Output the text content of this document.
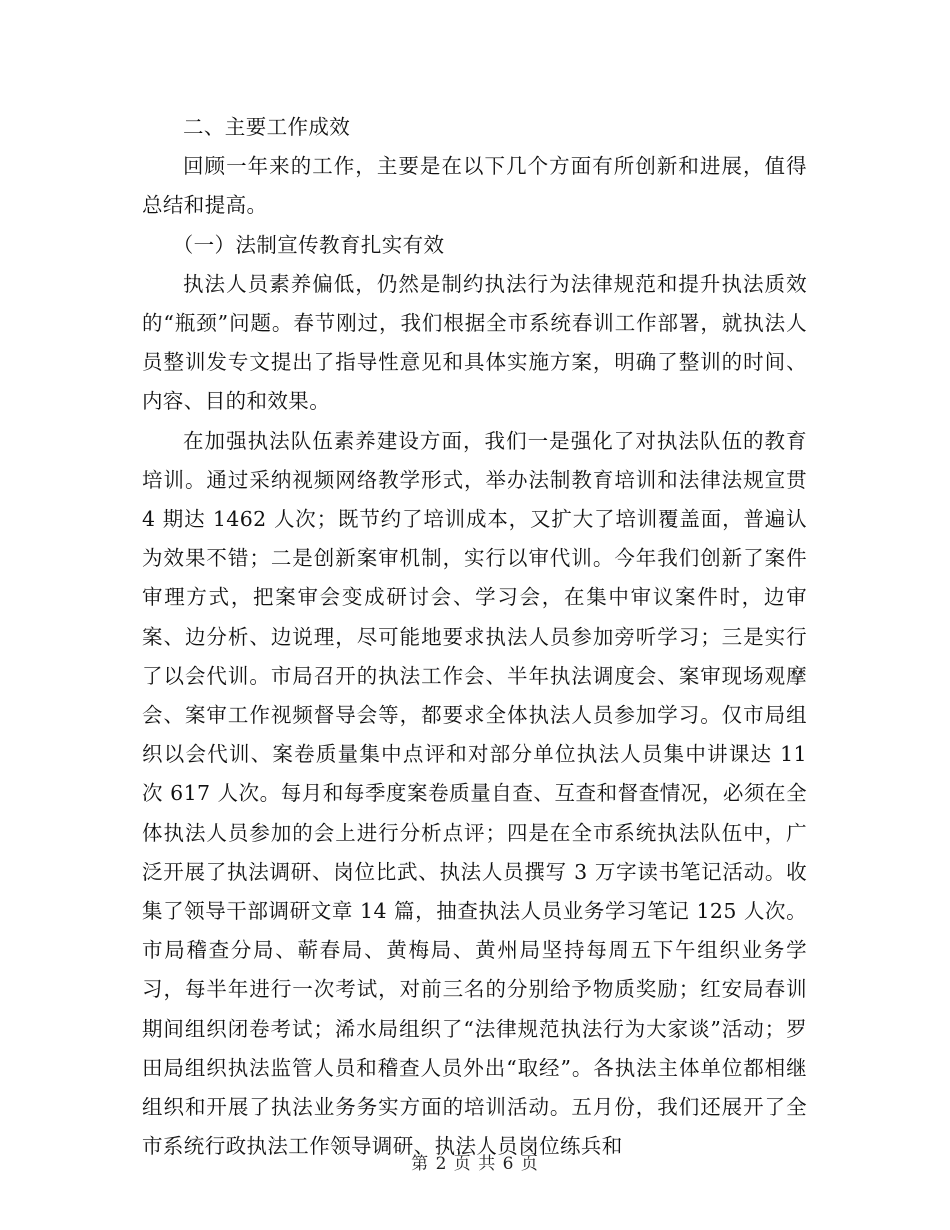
二、主要工作成效

回顾一年来的工作，主要是在以下几个方面有所创新和进展，值得总结和提高。

（一）法制宣传教育扎实有效

执法人员素养偏低，仍然是制约执法行为法律规范和提升执法质效的“瓶颈”问题。春节刚过，我们根据全市系统春训工作部署，就执法人员整训发专文提出了指导性意见和具体实施方案，明确了整训的时间、内容、目的和效果。

在加强执法队伍素养建设方面，我们一是强化了对执法队伍的教育培训。通过采纳视频网络教学形式，举办法制教育培训和法律法规宣贯 4 期达 1462 人次；既节约了培训成本，又扩大了培训覆盖面，普遍认为效果不错；二是创新案审机制，实行以审代训。今年我们创新了案件审理方式，把案审会变成研讨会、学习会，在集中审议案件时，边审案、边分析、边说理，尽可能地要求执法人员参加旁听学习；三是实行了以会代训。市局召开的执法工作会、半年执法调度会、案审现场观摩会、案审工作视频督导会等，都要求全体执法人员参加学习。仅市局组织以会代训、案卷质量集中点评和对部分单位执法人员集中讲课达 11 次 617 人次。每月和每季度案卷质量自查、互查和督查情况，必须在全体执法人员参加的会上进行分析点评；四是在全市系统执法队伍中，广泛开展了执法调研、岗位比武、执法人员撰写 3 万字读书笔记活动。收集了领导干部调研文章 14 篇，抽查执法人员业务学习笔记 125 人次。市局稽查分局、蕲春局、黄梅局、黄州局坚持每周五下午组织业务学习，每半年进行一次考试，对前三名的分别给予物质奖励；红安局春训期间组织闭卷考试；浠水局组织了“法律规范执法行为大家谈”活动；罗田局组织执法监管人员和稽查人员外出“取经”。各执法主体单位都相继组织和开展了执法业务务实方面的培训活动。五月份，我们还展开了全市系统行政执法工作领导调研、执法人员岗位练兵和

第 2 页 共 6 页
